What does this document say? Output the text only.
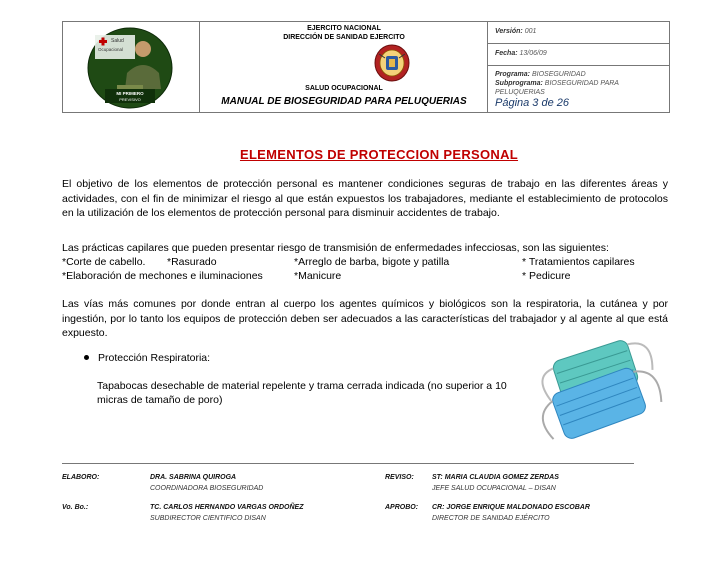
Salud
Ocupacional
MI PRIMERO
PREVISIVO
EJERCITO NACIONAL
DIRECCIÓN DE SANIDAD EJERCITO
SALUD OCUPACIONAL
MANUAL DE BIOSEGURIDAD PARA PELUQUERIAS
Versión: 001
Fecha: 13/06/09
Programa: BIOSEGURIDAD
Subprograma: BIOSEGURIDAD PARA PELUQUERIAS
Página 3 de 26
ELEMENTOS DE PROTECCION PERSONAL
El objetivo de los elementos de protección personal es mantener condiciones seguras de trabajo en las diferentes áreas y actividades, con el fin de minimizar el riesgo al que están expuestos los trabajadores, mediante el establecimiento de protocolos en la utilización de los elementos de protección personal para disminuir accidentes de trabajo.
Las prácticas capilares que pueden presentar riesgo de transmisión de enfermedades infecciosas, son las siguientes:
*Corte de cabello. *Rasurado	*Arreglo de barba, bigote y patilla	* Tratamientos capilares
*Elaboración de mechones e iluminaciones	*Manicure	* Pedicure
Las vías más comunes por donde entran al cuerpo los agentes químicos y biológicos son la respiratoria, la cutánea y por ingestión, por lo tanto los equipos de protección deben ser adecuados a las características del trabajador y al agente al que está expuesto.
Protección Respiratoria:
Tapabocas desechable de material repelente y trama cerrada indicada (no superior a 10 micras de tamaño de poro)
ELABORO:	DRA. SABRINA QUIROGA
COORDINADORA BIOSEGURIDAD
REVISO:	ST: MARIA CLAUDIA GOMEZ ZERDAS
JEFE SALUD OCUPACIONAL – DISAN
Vo. Bo.:	TC. CARLOS HERNANDO VARGAS ORDOÑEZ
SUBDIRECTOR CIENTIFICO DISAN
APROBO: CR: JORGE ENRIQUE MALDONADO ESCOBAR
DIRECTOR DE SANIDAD EJÉRCITO
